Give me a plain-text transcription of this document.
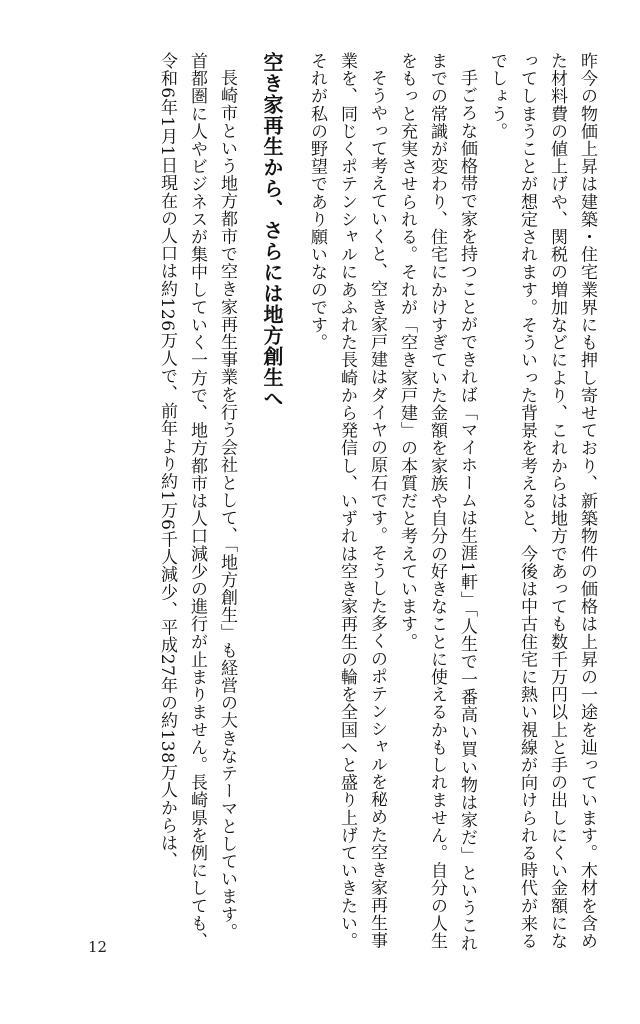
昨今の物価上昇は建築・住宅業界にも押し寄せており、新築物件の価格は上昇の一途を辿っています。木材を含めた材料費の値上げや、関税の増加などにより、これからは地方であっても数千万円以上と手の出しにくい金額になってしまうことが想定されます。そういった背景を考えると、今後は中古住宅に熱い視線が向けられる時代が来るでしょう。

手ごろな価格帯で家を持つことができれば「マイホームは生涯1軒」「人生で一番高い買い物は家だ」というこれまでの常識が変わり、住宅にかけすぎていた金額を家族や自分の好きなことに使えるかもしれません。自分の人生をもっと充実させられる。それが「空き家戸建」の本質だと考えています。

そうやって考えていくと、空き家戸建はダイヤの原石です。そうした多くのポテンシャルを秘めた空き家再生事業を、同じくポテンシャルにあふれた長崎から発信し、いずれは空き家再生の輪を全国へと盛り上げていきたい。それが私の野望であり願いなのです。

空き家再生から、さらには地方創生へ

長崎市という地方都市で空き家再生事業を行う会社として、「地方創生」も経営の大きなテーマとしています。首都圏に人やビジネスが集中していく一方で、地方都市は人口減少の進行が止まりません。長崎県を例にしても、令和6年1月1日現在の人口は約126万人で、前年より約1万6千人減少、平成27年の約138万人からは、

12
